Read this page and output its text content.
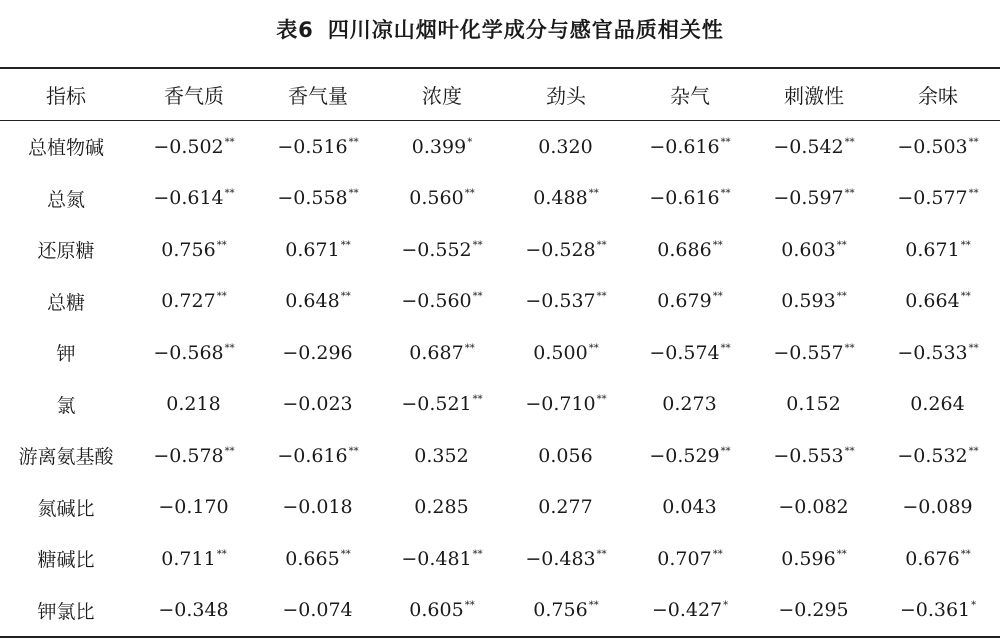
表6 四川凉山烟叶化学成分与感官品质相关性
指标	香气质	香气量	浓度	劲头	杂气	刺激性	余味
总植物碱	−0.502**	−0.516**	0.399*	0.320	−0.616**	−0.542**	−0.503**
总氮	−0.614**	−0.558**	0.560**	0.488**	−0.616**	−0.597**	−0.577**
还原糖	0.756**	0.671**	−0.552**	−0.528**	0.686**	0.603**	0.671**
总糖	0.727**	0.648**	−0.560**	−0.537**	0.679**	0.593**	0.664**
钾	−0.568**	−0.296	0.687**	0.500**	−0.574**	−0.557**	−0.533**
氯	0.218	−0.023	−0.521**	−0.710**	0.273	0.152	0.264
游离氨基酸	−0.578**	−0.616**	0.352	0.056	−0.529**	−0.553**	−0.532**
氮碱比	−0.170	−0.018	0.285	0.277	0.043	−0.082	−0.089
糖碱比	0.711**	0.665**	−0.481**	−0.483**	0.707**	0.596**	0.676**
钾氯比	−0.348	−0.074	0.605**	0.756**	−0.427*	−0.295	−0.361*
